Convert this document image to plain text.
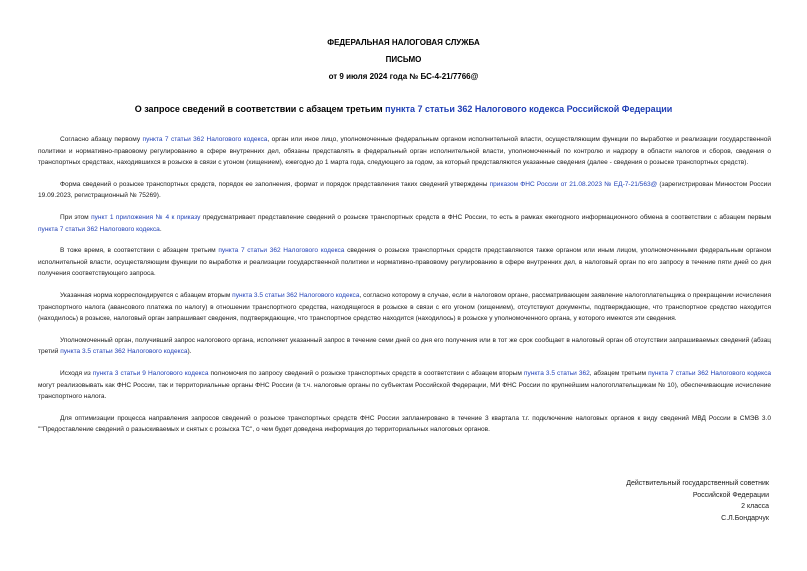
ФЕДЕРАЛЬНАЯ НАЛОГОВАЯ СЛУЖБА

ПИСЬМО

от 9 июля 2024 года № БС-4-21/7766@

О запросе сведений в соответствии с абзацем третьим пункта 7 статьи 362 Налогового кодекса Российской Федерации

Согласно абзацу первому пункта 7 статьи 362 Налогового кодекса, орган или иное лицо, уполномоченные федеральным органом исполнительной власти, осуществляющим функции по выработке и реализации государственной политики и нормативно-правовому регулированию в сфере внутренних дел, обязаны представлять в федеральный орган исполнительной власти, уполномоченный по контролю и надзору в области налогов и сборов, сведения о транспортных средствах, находившихся в розыске в связи с угоном (хищением), ежегодно до 1 марта года, следующего за годом, за который представляются указанные сведения (далее - сведения о розыске транспортных средств).

Форма сведений о розыске транспортных средств, порядок ее заполнения, формат и порядок представления таких сведений утверждены приказом ФНС России от 21.08.2023 № ЕД-7-21/563@ (зарегистрирован Минюстом России 19.09.2023, регистрационный № 75269).

При этом пункт 1 приложения № 4 к приказу предусматривает представление сведений о розыске транспортных средств в ФНС России, то есть в рамках ежегодного информационного обмена в соответствии с абзацем первым пункта 7 статьи 362 Налогового кодекса.

В тоже время, в соответствии с абзацем третьим пункта 7 статьи 362 Налогового кодекса сведения о розыске транспортных средств представляются также органом или иным лицом, уполномоченными федеральным органом исполнительной власти, осуществляющим функции по выработке и реализации государственной политики и нормативно-правовому регулированию в сфере внутренних дел, в налоговый орган по его запросу в течение пяти дней со дня получения соответствующего запроса.

Указанная норма корреспондируется с абзацем вторым пункта 3.5 статьи 362 Налогового кодекса, согласно которому в случае, если в налоговом органе, рассматривающем заявление налогоплательщика о прекращении исчисления транспортного налога (авансового платежа по налогу) в отношении транспортного средства, находящегося в розыске в связи с его угоном (хищением), отсутствуют документы, подтверждающие, что транспортное средство находится (находилось) в розыске, налоговый орган запрашивает сведения, подтверждающие, что транспортное средство находится (находилось) в розыске у уполномоченного органа, у которого имеются эти сведения.

Уполномоченный орган, получивший запрос налогового органа, исполняет указанный запрос в течение семи дней со дня его получения или в тот же срок сообщает в налоговый орган об отсутствии запрашиваемых сведений (абзац третий пункта 3.5 статьи 362 Налогового кодекса).

Исходя из пункта 3 статьи 9 Налогового кодекса полномочия по запросу сведений о розыске транспортных средств в соответствии с абзацем вторым пункта 3.5 статьи 362, абзацем третьим пункта 7 статьи 362 Налогового кодекса могут реализовывать как ФНС России, так и территориальные органы ФНС России (в т.ч. налоговые органы по субъектам Российской Федерации, МИ ФНС России по крупнейшим налогоплательщикам № 10), обеспечивающие исчисление транспортного налога.

Для оптимизации процесса направления запросов сведений о розыске транспортных средств ФНС России запланировано в течение 3 квартала т.г. подключение налоговых органов к виду сведений МВД России в СМЭВ 3.0 ""Предоставление сведений о разыскиваемых и снятых с розыска ТС", о чем будет доведена информация до территориальных налоговых органов.

Действительный государственный советник
Российской Федерации
2 класса
С.Л.Бондарчук
